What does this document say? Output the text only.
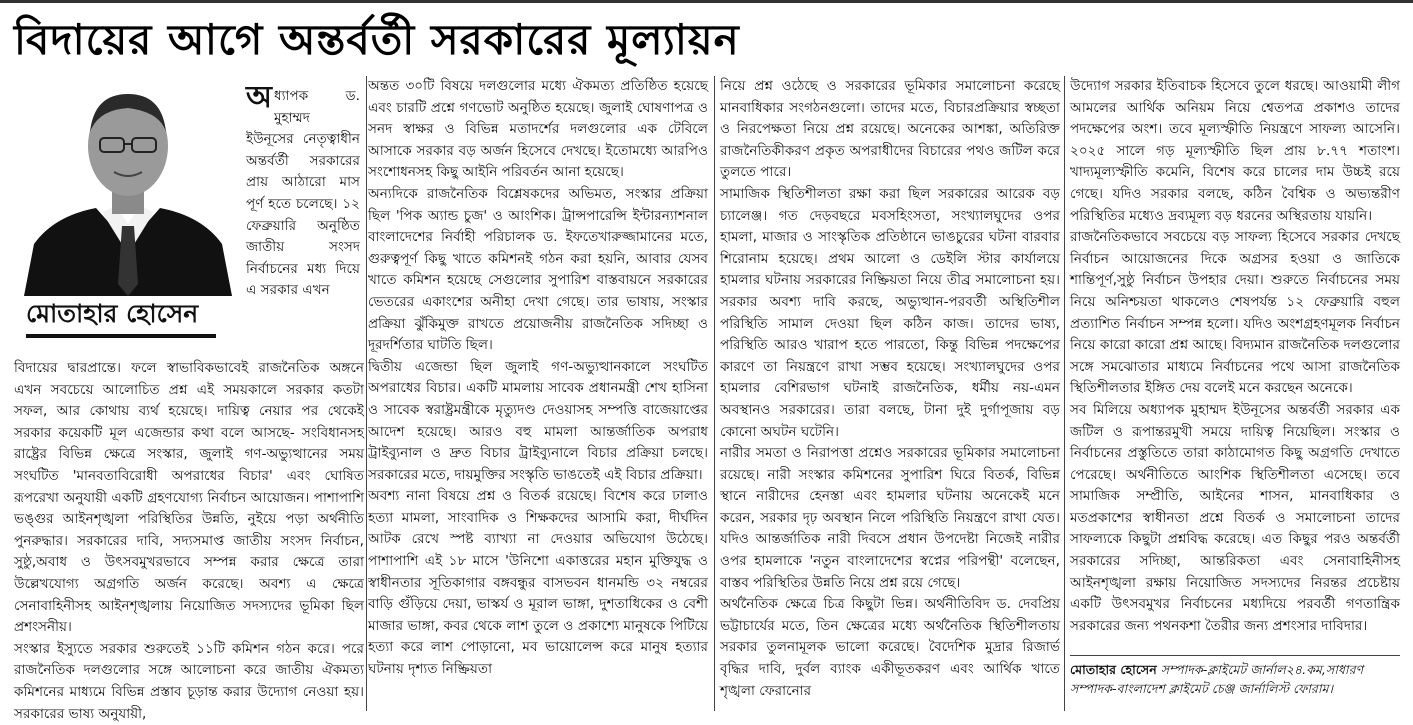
বিদায়ের আগে অন্তর্বর্তী সরকারের মূল্যায়ন
মোতাহার হোসেন
অধ্যাপক ড. মুহাম্মদ ইউনূসের নেতৃত্বাধীন অন্তর্বর্তী সরকারের প্রায় আঠারো মাস পূর্ণ হতে চলেছে। ১২ ফেব্রুয়ারি অনুষ্ঠিত জাতীয় সংসদ নির্বাচনের মধ্য দিয়ে এ সরকার এখন

বিদায়ের দ্বারপ্রান্তে। ফলে স্বাভাবিকভাবেই রাজনৈতিক অঙ্গনে এখন সবচেয়ে আলোচিত প্রশ্ন এই সময়কালে সরকার কতটা সফল, আর কোথায় ব্যর্থ হয়েছে। দায়িত্ব নেয়ার পর থেকেই সরকার কয়েকটি মূল এজেন্ডার কথা বলে আসছে- সংবিধানসহ রাষ্ট্রের বিভিন্ন ক্ষেত্রে সংস্কার, জুলাই গণ-অভ্যুত্থানের সময় সংঘটিত 'মানবতাবিরোধী অপরাধের বিচার' এবং ঘোষিত রূপরেখা অনুযায়ী একটি গ্রহণযোগ্য নির্বাচন আয়োজন। পাশাপাশি ভঙ্গুর আইনশৃঙ্খলা পরিস্থিতির উন্নতি, নুইয়ে পড়া অর্থনীতি পুনরুদ্ধার। সরকারের দাবি, সদ্যসমাপ্ত জাতীয় সংসদ নির্বাচন, সুষ্ঠু,অবাধ ও উৎসবমুখরভাবে সম্পন্ন করার ক্ষেত্রে তারা উল্লেখযোগ্য অগ্রগতি অর্জন করেছে। অবশ্য এ ক্ষেত্রে সেনাবাহিনীসহ আইনশৃঙ্খলায় নিয়োজিত সদস্যদের ভূমিকা ছিল প্রশংসনীয়।

সংস্কার ইস্যুতে সরকার শুরুতেই ১১টি কমিশন গঠন করে। পরে রাজনৈতিক দলগুলোর সঙ্গে আলোচনা করে জাতীয় ঐকমত্য কমিশনের মাধ্যমে বিভিন্ন প্রস্তাব চূড়ান্ত করার উদ্যোগ নেওয়া হয়। সরকারের ভাষ্য অনুযায়ী,

অন্তত ৩০টি বিষয়ে দলগুলোর মধ্যে ঐকমত্য প্রতিষ্ঠিত হয়েছে এবং চারটি প্রশ্নে গণভোট অনুষ্ঠিত হয়েছে। জুলাই ঘোষণাপত্র ও সনদ স্বাক্ষর ও বিভিন্ন মতাদর্শের দলগুলোর এক টেবিলে আসাকে সরকার বড় অর্জন হিসেবে দেখছে। ইতোমধ্যে আরপিও সংশোধনসহ কিছু আইনি পরিবর্তন আনা হয়েছে।

অন্যদিকে রাজনৈতিক বিশ্লেষকদের অভিমত, সংস্কার প্রক্রিয়া ছিল 'পিক অ্যান্ড চুজ' ও আংশিক। ট্রান্সপারেন্সি ইন্টারন্যাশনাল বাংলাদেশের নির্বাহী পরিচালক ড. ইফতেখারুজ্জামানের মতে, গুরুত্বপূর্ণ কিছু খাতে কমিশনই গঠন করা হয়নি, আবার যেসব খাতে কমিশন হয়েছে সেগুলোর সুপারিশ বাস্তবায়নে সরকারের ভেতরের একাংশের অনীহা দেখা গেছে। তার ভাষায়, সংস্কার প্রক্রিয়া ঝুঁকিমুক্ত রাখতে প্রয়োজনীয় রাজনৈতিক সদিচ্ছা ও দূরদর্শিতার ঘাটতি ছিল।

দ্বিতীয় এজেন্ডা ছিল জুলাই গণ-অভ্যুত্থানকালে সংঘটিত অপরাধের বিচার। একটি মামলায় সাবেক প্রধানমন্ত্রী শেখ হাসিনা ও সাবেক স্বরাষ্ট্রমন্ত্রীকে মৃত্যুদণ্ড দেওয়াসহ সম্পত্তি বাজেয়াপ্তের আদেশ হয়েছে। আরও বহু মামলা আন্তর্জাতিক অপরাধ ট্রাইব্যুনাল ও দ্রুত বিচার ট্রাইব্যুনালে বিচার প্রক্রিয়া চলছে। সরকারের মতে, দায়মুক্তির সংস্কৃতি ভাঙতেই এই বিচার প্রক্রিয়া।

অবশ্য নানা বিষয়ে প্রশ্ন ও বিতর্ক রয়েছে। বিশেষ করে ঢালাও হত্যা মামলা, সাংবাদিক ও শিক্ষকদের আসামি করা, দীর্ঘদিন আটক রেখে স্পষ্ট ব্যাখ্যা না দেওয়ার অভিযোগ উঠেছে। পাশাপাশি এই ১৮ মাসে 'উনিশো একাত্তরের মহান মুক্তিযুদ্ধ ও স্বাধীনতার সূতিকাগার বঙ্গবন্ধুর বাসভবন ধানমন্ডি ৩২ নম্বরের বাড়ি গুঁড়িয়ে দেয়া, ভাস্কর্য ও মূরাল ভাঙ্গা, দুশতাধিকের ও বেশী মাজার ভাঙ্গা, কবর থেকে লাশ তুলে ও প্রকাশ্যে মানুষকে পিটিয়ে হত্যা করে লাশ পোড়ানো, মব ভায়োলেন্স করে মানুষ হত্যার ঘটনায় দৃশ্যত নিষ্ক্রিয়তা

নিয়ে প্রশ্ন ওঠেছে ও সরকারের ভূমিকার সমালোচনা করেছে মানবাধিকার সংগঠনগুলো। তাদের মতে, বিচারপ্রক্রিয়ার স্বচ্ছতা ও নিরপেক্ষতা নিয়ে প্রশ্ন রয়েছে। অনেকের আশঙ্কা, অতিরিক্ত রাজনৈতিকীকরণ প্রকৃত অপরাধীদের বিচারের পথও জটিল করে তুলতে পারে।

সামাজিক স্থিতিশীলতা রক্ষা করা ছিল সরকারের আরেক বড় চ্যালেঞ্জ। গত দেড়বছরে মবসহিংসতা, সংখ্যালঘুদের ওপর হামলা, মাজার ও সাংস্কৃতিক প্রতিষ্ঠানে ভাঙচুরের ঘটনা বারবার শিরোনাম হয়েছে। প্রথম আলো ও ডেইলি স্টার কার্যালয়ে হামলার ঘটনায় সরকারের নিষ্ক্রিয়তা নিয়ে তীব্র সমালোচনা হয়। সরকার অবশ্য দাবি করছে, অভ্যুত্থান-পরবর্তী অস্থিতিশীল পরিস্থিতি সামাল দেওয়া ছিল কঠিন কাজ। তাদের ভাষ্য, পরিস্থিতি আরও খারাপ হতে পারতো, কিন্তু বিভিন্ন পদক্ষেপের কারণে তা নিয়ন্ত্রণে রাখা সম্ভব হয়েছে। সংখ্যালঘুদের ওপর হামলার বেশিরভাগ ঘটনাই রাজনৈতিক, ধর্মীয় নয়-এমন অবস্থানও সরকারের। তারা বলছে, টানা দুই দুর্গাপূজায় বড় কোনো অঘটন ঘটেনি।

নারীর সমতা ও নিরাপত্তা প্রশ্নেও সরকারের ভূমিকার সমালোচনা রয়েছে। নারী সংস্কার কমিশনের সুপারিশ ঘিরে বিতর্ক, বিভিন্ন স্থানে নারীদের হেনস্তা এবং হামলার ঘটনায় অনেকেই মনে করেন, সরকার দৃঢ় অবস্থান নিলে পরিস্থিতি নিয়ন্ত্রণে রাখা যেত। যদিও আন্তর্জাতিক নারী দিবসে প্রধান উপদেষ্টা নিজেই নারীর ওপর হামলাকে 'নতুন বাংলাদেশের স্বপ্নের পরিপন্থী' বলেছেন, বাস্তব পরিস্থিতির উন্নতি নিয়ে প্রশ্ন রয়ে গেছে।

অর্থনৈতিক ক্ষেত্রে চিত্র কিছুটা ভিন্ন। অর্থনীতিবিদ ড. দেবপ্রিয় ভট্টাচার্যের মতে, তিন ক্ষেত্রের মধ্যে অর্থনৈতিক স্থিতিশীলতায় সরকার তুলনামূলক ভালো করেছে। বৈদেশিক মুদ্রার রিজার্ভ বৃদ্ধির দাবি, দুর্বল ব্যাংক একীভূতকরণ এবং আর্থিক খাতে শৃঙ্খলা ফেরানোর

উদ্যোগ সরকার ইতিবাচক হিসেবে তুলে ধরছে। আওয়ামী লীগ আমলের আর্থিক অনিয়ম নিয়ে শ্বেতপত্র প্রকাশও তাদের পদক্ষেপের অংশ। তবে মূল্যস্ফীতি নিয়ন্ত্রণে সাফল্য আসেনি। ২০২৫ সালে গড় মূল্যস্ফীতি ছিল প্রায় ৮.৭৭ শতাংশ। খাদ্যমূল্যস্ফীতি কমেনি, বিশেষ করে চালের দাম উচ্চই রয়ে গেছে। যদিও সরকার বলছে, কঠিন বৈশ্বিক ও অভ্যন্তরীণ পরিস্থিতির মধ্যেও দ্রব্যমূল্য বড় ধরনের অস্থিরতায় যায়নি।

রাজনৈতিকভাবে সবচেয়ে বড় সাফল্য হিসেবে সরকার দেখছে নির্বাচন আয়োজনের দিকে অগ্রসর হওয়া ও জাতিকে শান্তিপূর্ণ,সুষ্ঠু নির্বাচন উপহার দেয়া। শুরুতে নির্বাচনের সময় নিয়ে অনিশ্চয়তা থাকলেও শেষপর্যন্ত ১২ ফেব্রুয়ারি বহুল প্রত্যাশিত নির্বাচন সম্পন্ন হলো। যদিও অংশগ্রহণমূলক নির্বাচন নিয়ে কারো কারো প্রশ্ন আছে। বিদ্যমান রাজনৈতিক দলগুলোর সঙ্গে সমঝোতার মাধ্যমে নির্বাচনের পথে আসা রাজনৈতিক স্থিতিশীলতার ইঙ্গিত দেয় বলেই মনে করছেন অনেকে।

সব মিলিয়ে অধ্যাপক মুহাম্মদ ইউনূসের অন্তর্বর্তী সরকার এক জটিল ও রূপান্তরমুখী সময়ে দায়িত্ব নিয়েছিল। সংস্কার ও নির্বাচনের প্রস্তুতিতে তারা কাঠামোগত কিছু অগ্রগতি দেখাতে পেরেছে। অর্থনীতিতে আংশিক স্থিতিশীলতা এসেছে। তবে সামাজিক সম্প্রীতি, আইনের শাসন, মানবাধিকার ও মতপ্রকাশের স্বাধীনতা প্রশ্নে বিতর্ক ও সমালোচনা তাদের সাফল্যকে কিছুটা প্রশ্নবিদ্ধ করেছে। এত কিছুর পরও অন্তর্বর্তী সরকারের সদিচ্ছা, আন্তরিকতা এবং সেনাবাহিনীসহ আইনশৃঙ্খলা রক্ষায় নিয়োজিত সদস্যদের নিরন্তর প্রচেষ্টায় একটি উৎসবমুখর নির্বাচনের মধ্যদিয়ে পরবর্তী গণতান্ত্রিক সরকারের জন্য পথনকশা তৈরীর জন্য প্রশংসার দাবিদার।

মোতাহার হোসেন সম্পাদক-ক্লাইমেট জার্নাল২৪.কম,সাধারণ সম্পাদক-বাংলাদেশ ক্লাইমেট চেঞ্জ জার্নালিস্ট ফোরাম।
